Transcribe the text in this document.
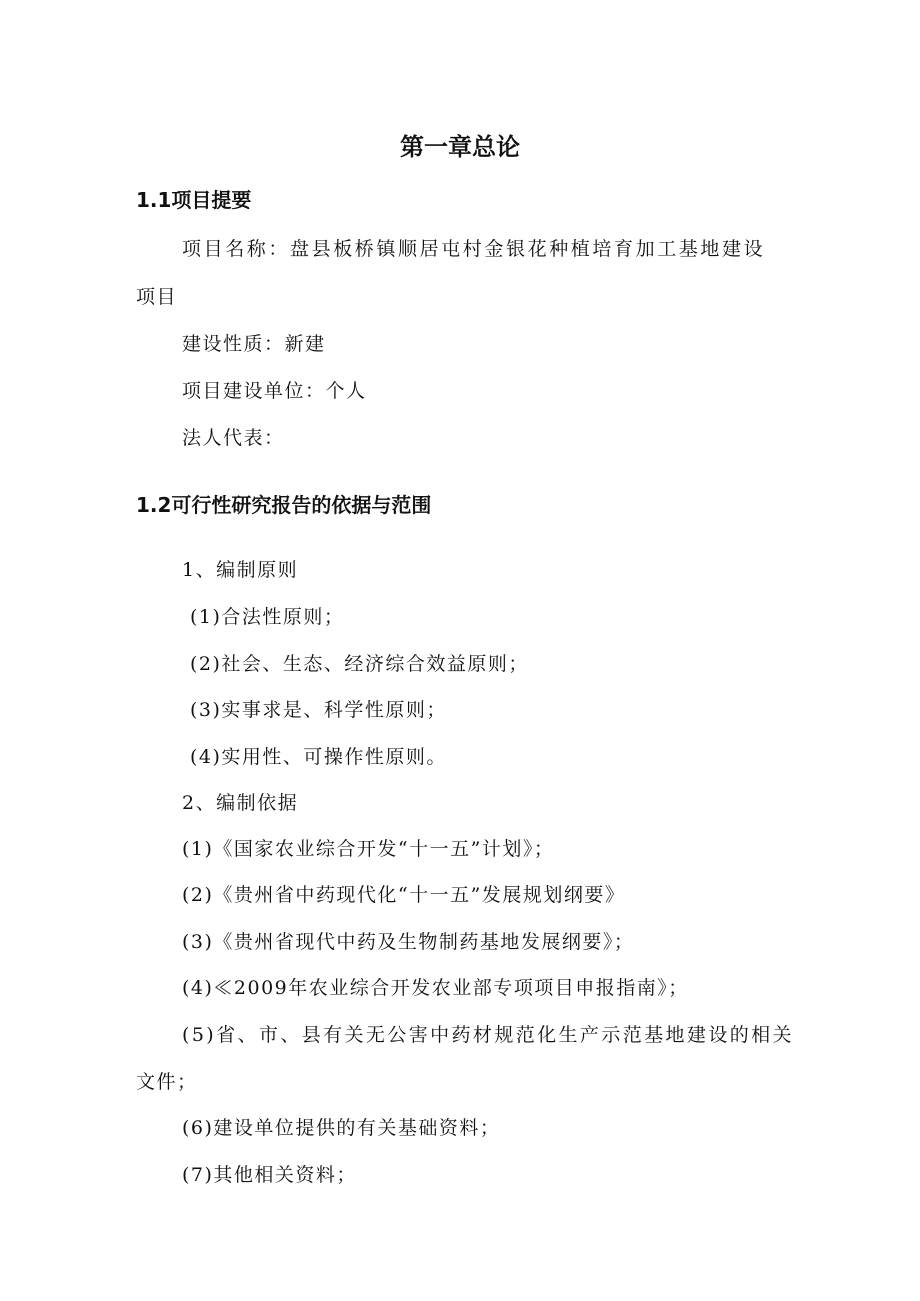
第一章总论
1.1项目提要
项目名称：盘县板桥镇顺居屯村金银花种植培育加工基地建设
项目
建设性质：新建
项目建设单位：个人
法人代表：
1.2可行性研究报告的依据与范围
1、编制原则
(1)合法性原则；
(2)社会、生态、经济综合效益原则；
(3)实事求是、科学性原则；
(4)实用性、可操作性原则。
2、编制依据
(1)《国家农业综合开发“十一五”计划》；
(2)《贵州省中药现代化“十一五”发展规划纲要》
(3)《贵州省现代中药及生物制药基地发展纲要》；
(4)≪2009年农业综合开发农业部专项项目申报指南》；
(5)省、市、县有关无公害中药材规范化生产示范基地建设的相关
文件；
(6)建设单位提供的有关基础资料；
(7)其他相关资料；
